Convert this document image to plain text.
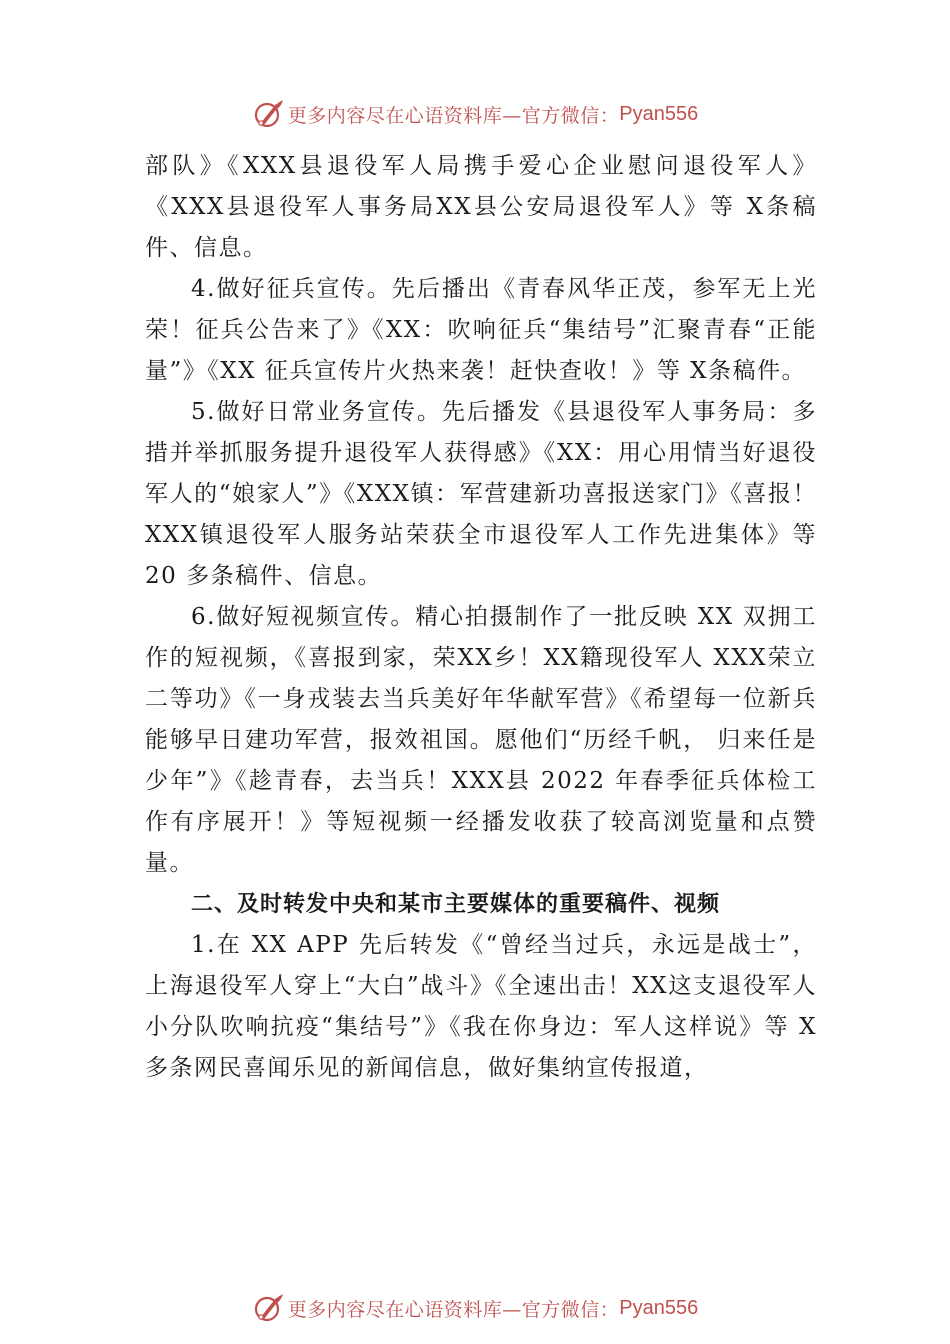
更多内容尽在心语资料库—官方微信： Pyan556

部队》《XXX县退役军人局携手爱心企业慰问退役军人》《XXX县退役军人事务局XX县公安局退役军人》等 X条稿件、信息。

4.做好征兵宣传。先后播出《青春风华正茂，参军无上光荣！征兵公告来了》《XX：吹响征兵“集结号”汇聚青春“正能量”》《XX 征兵宣传片火热来袭！赶快查收！》等 X条稿件。

5.做好日常业务宣传。先后播发《县退役军人事务局：多措并举抓服务提升退役军人获得感》《XX：用心用情当好退役军人的“娘家人”》《XXX镇：军营建新功喜报送家门》《喜报！XXX镇退役军人服务站荣获全市退役军人工作先进集体》等 20 多条稿件、信息。

6.做好短视频宣传。精心拍摄制作了一批反映 XX 双拥工作的短视频，《喜报到家，荣XX乡！XX籍现役军人 XXX荣立二等功》《一身戎装去当兵美好年华献军营》《希望每一位新兵能够早日建功军营，报效祖国。愿他们“历经千帆， 归来任是少年”》《趁青春，去当兵！XXX县 2022 年春季征兵体检工作有序展开！》等短视频一经播发收获了较高浏览量和点赞量。

二、及时转发中央和某市主要媒体的重要稿件、视频

1.在 XX APP 先后转发《“曾经当过兵，永远是战士”，上海退役军人穿上“大白”战斗》《全速出击！XX这支退役军人小分队吹响抗疫“集结号”》《我在你身边：军人这样说》等 X 多条网民喜闻乐见的新闻信息，做好集纳宣传报道，

更多内容尽在心语资料库—官方微信： Pyan556
